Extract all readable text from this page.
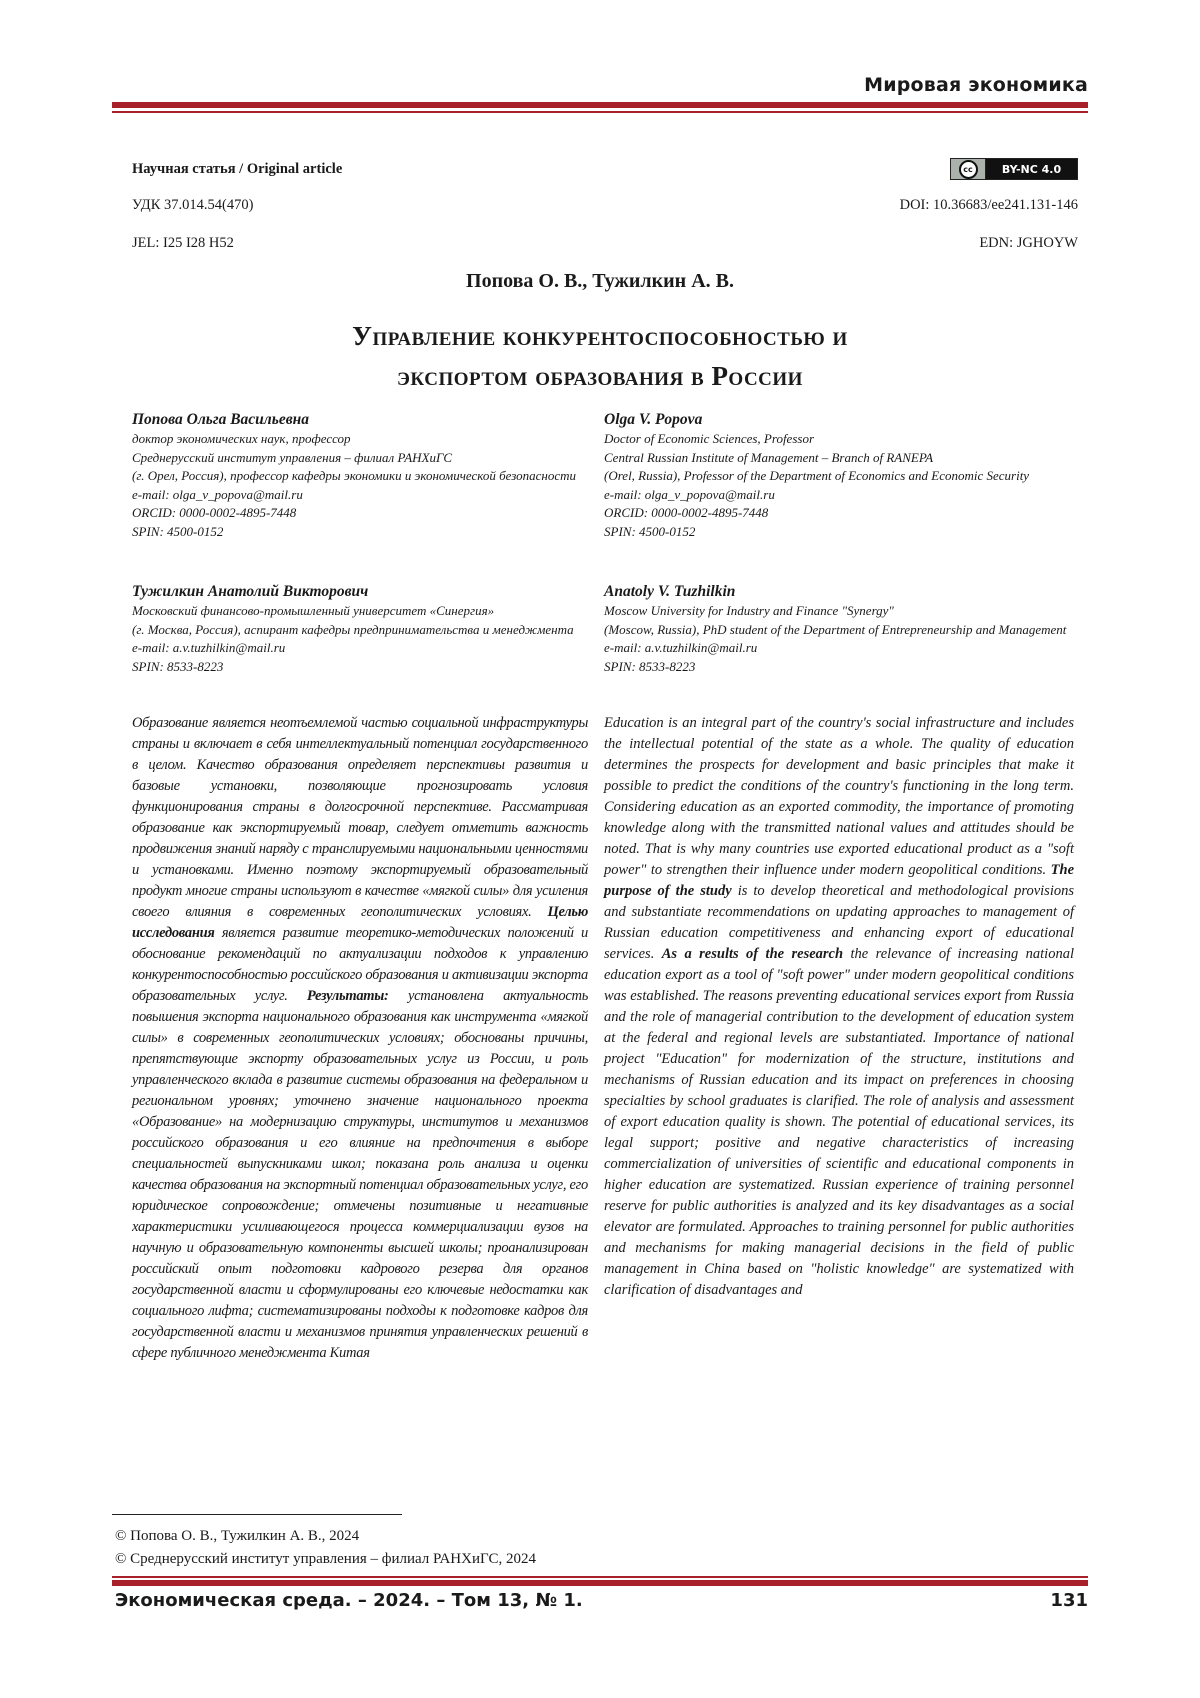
Мировая экономика
Научная статья / Original article	cc	BY-NC 4.0
УДК 37.014.54(470)	DOI: 10.36683/ee241.131-146
JEL: I25 I28 H52	EDN: JGHOYW
Попова О. В., Тужилкин А. В.
Управление конкурентоспособностью и
экспортом образования в России
Попова Ольга Васильевна
доктор экономических наук, профессор
Среднерусский институт управления – филиал РАНХиГС
(г. Орел, Россия), профессор кафедры экономики и экономической безопасности
e-mail: olga_v_popova@mail.ru
ORCID: 0000-0002-4895-7448
SPIN: 4500-0152
Тужилкин Анатолий Викторович
Московский финансово-промышленный университет «Синергия»
(г. Москва, Россия), аспирант кафедры предпринимательства и менеджмента
e-mail: a.v.tuzhilkin@mail.ru
SPIN: 8533-8223
Olga V. Popova
Doctor of Economic Sciences, Professor
Central Russian Institute of Management – Branch of RANEPA
(Orel, Russia), Professor of the Department of Economics and Economic Security
e-mail: olga_v_popova@mail.ru
ORCID: 0000-0002-4895-7448
SPIN: 4500-0152
Anatoly V. Tuzhilkin
Moscow University for Industry and Finance "Synergy"
(Moscow, Russia), PhD student of the Department of Entrepreneurship and Management
e-mail: a.v.tuzhilkin@mail.ru
SPIN: 8533-8223
Образование является неотъемлемой частью социальной инфраструктуры страны и включает в себя интеллектуальный потенциал государственного в целом. Качество образования определяет перспективы развития и базовые установки, позволяющие прогнозировать условия функционирования страны в долгосрочной перспективе. Рассматривая образование как экспортируемый товар, следует отметить важность продвижения знаний наряду с транслируемыми национальными ценностями и установками. Именно поэтому экспортируемый образовательный продукт многие страны используют в качестве «мягкой силы» для усиления своего влияния в современных геополитических условиях. Целью исследования является развитие теоретико-методических положений и обоснование рекомендаций по актуализации подходов к управлению конкурентоспособностью российского образования и активизации экспорта образовательных услуг. Результаты: установлена актуальность повышения экспорта национального образования как инструмента «мягкой силы» в современных геополитических условиях; обоснованы причины, препятствующие экспорту образовательных услуг из России, и роль управленческого вклада в развитие системы образования на федеральном и региональном уровнях; уточнено значение национального проекта «Образование» на модернизацию структуры, институтов и механизмов российского образования и его влияние на предпочтения в выборе специальностей выпускниками школ; показана роль анализа и оценки качества образования на экспортный потенциал образовательных услуг, его юридическое сопровождение; отмечены позитивные и негативные характеристики усиливающегося процесса коммерциализации вузов на научную и образовательную компоненты высшей школы; проанализирован российский опыт подготовки кадрового резерва для органов государственной власти и сформулированы его ключевые недостатки как социального лифта; систематизированы подходы к подготовке кадров для государственной власти и механизмов принятия управленческих решений в сфере публичного менеджмента Китая
Education is an integral part of the country's social infrastructure and includes the intellectual potential of the state as a whole. The quality of education determines the prospects for development and basic principles that make it possible to predict the conditions of the country's functioning in the long term. Considering education as an exported commodity, the importance of promoting knowledge along with the transmitted national values and attitudes should be noted. That is why many countries use exported educational product as a "soft power" to strengthen their influence under modern geopolitical conditions. The purpose of the study is to develop theoretical and methodological provisions and substantiate recommendations on updating approaches to management of Russian education competitiveness and enhancing export of educational services. As a results of the research the relevance of increasing national education export as a tool of "soft power" under modern geopolitical conditions was established. The reasons preventing educational services export from Russia and the role of managerial contribution to the development of education system at the federal and regional levels are substantiated. Importance of national project "Education" for modernization of the structure, institutions and mechanisms of Russian education and its impact on preferences in choosing specialties by school graduates is clarified. The role of analysis and assessment of export education quality is shown. The potential of educational services, its legal support; positive and negative characteristics of increasing commercialization of universities of scientific and educational components in higher education are systematized. Russian experience of training personnel reserve for public authorities is analyzed and its key disadvantages as a social elevator are formulated. Approaches to training personnel for public authorities and mechanisms for making managerial decisions in the field of public management in China based on "holistic knowledge" are systematized with clarification of disadvantages and
© Попова О. В., Тужилкин А. В., 2024
© Среднерусский институт управления – филиал РАНХиГС, 2024
Экономическая среда. – 2024. – Том 13, № 1.	131
